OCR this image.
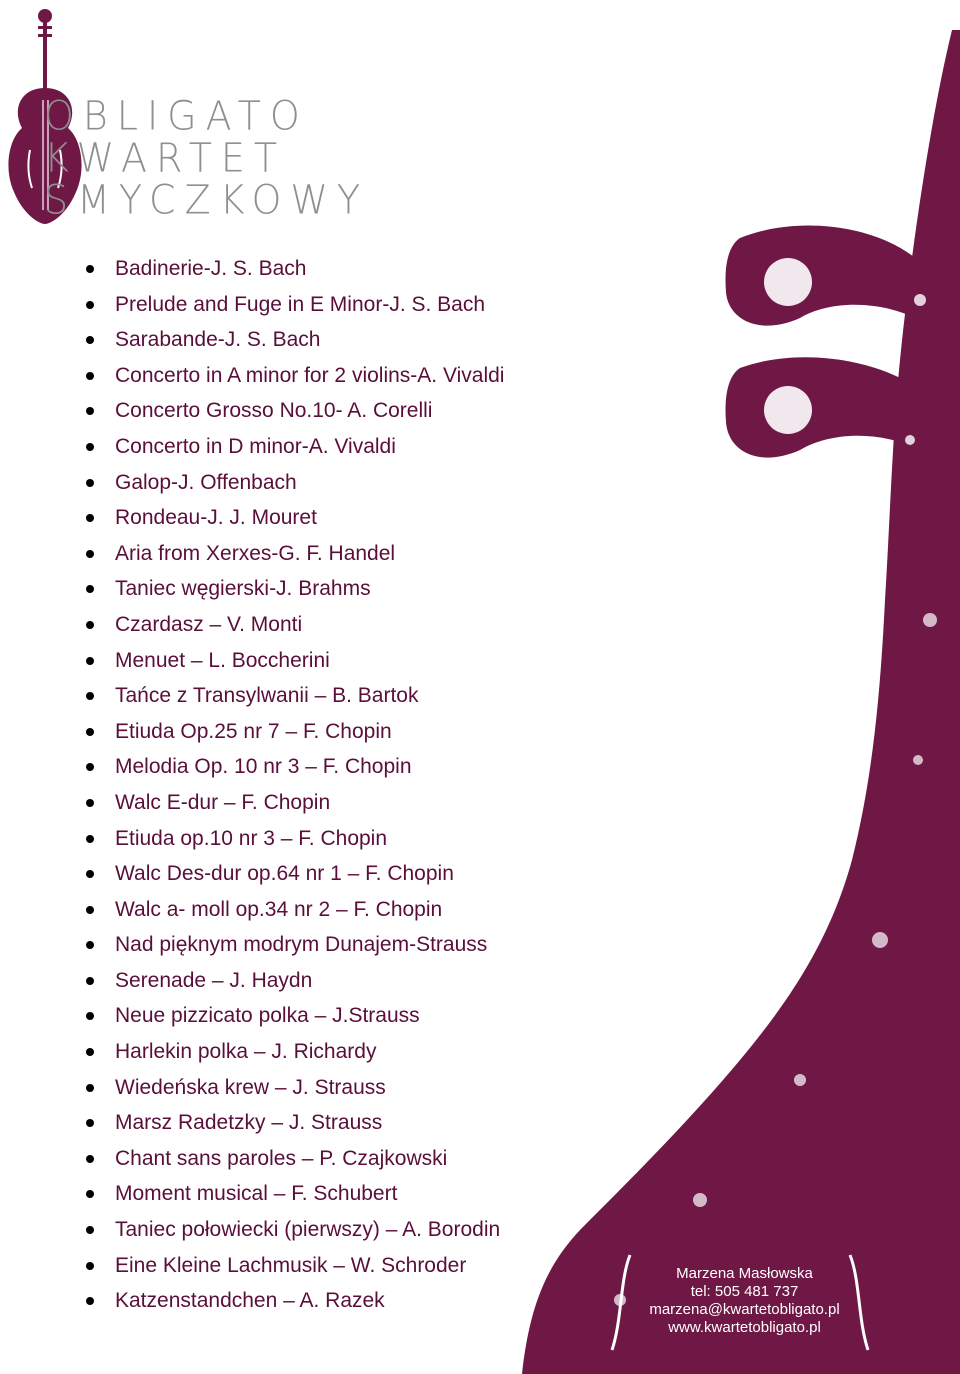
OBLIGATO
KWARTET
SMYCZKOWY
Badinerie-J. S. Bach
Prelude and Fuge in E Minor-J. S. Bach
Sarabande-J. S. Bach
Concerto in A minor for 2 violins-A. Vivaldi
Concerto Grosso No.10- A. Corelli
Concerto in D minor-A. Vivaldi
Galop-J. Offenbach
Rondeau-J. J. Mouret
Aria from Xerxes-G. F. Handel
Taniec węgierski-J. Brahms
Czardasz – V. Monti
Menuet – L. Boccherini
Tańce z Transylwanii – B. Bartok
Etiuda Op.25 nr 7 – F. Chopin
Melodia Op. 10 nr 3 – F. Chopin
Walc E-dur – F. Chopin
Etiuda op.10 nr 3 – F. Chopin
Walc Des-dur op.64 nr 1 – F. Chopin
Walc a- moll op.34 nr 2 – F. Chopin
Nad pięknym modrym Dunajem-Strauss
Serenade – J. Haydn
Neue pizzicato polka – J.Strauss
Harlekin polka – J. Richardy
Wiedeńska krew – J. Strauss
Marsz Radetzky – J. Strauss
Chant sans paroles – P. Czajkowski
Moment musical – F. Schubert
Taniec połowiecki (pierwszy) – A. Borodin
Eine Kleine Lachmusik – W. Schroder
Katzenstandchen – A. Razek
Marzena Masłowska
tel: 505 481 737
marzena@kwartetobligato.pl
www.kwartetobligato.pl
